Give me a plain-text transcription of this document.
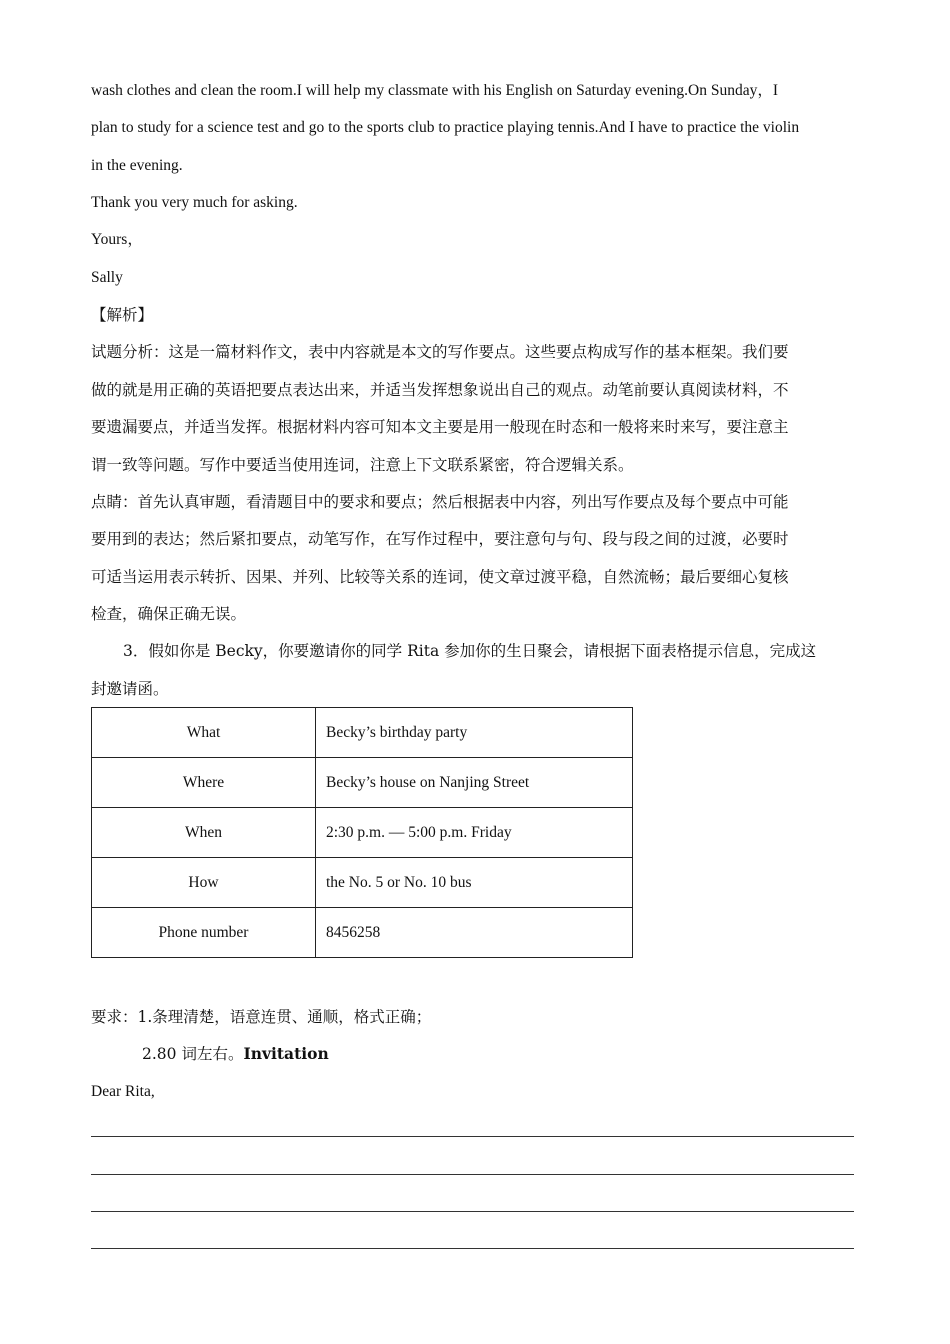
wash clothes and clean the room.I will help my classmate with his English on Saturday evening.On Sunday，I
plan to study for a science test and go to the sports club to practice playing tennis.And I have to practice the violin
in the evening.
Thank you very much for asking.
Yours，
Sally
【解析】
试题分析：这是一篇材料作文，表中内容就是本文的写作要点。这些要点构成写作的基本框架。我们要
做的就是用正确的英语把要点表达出来，并适当发挥想象说出自己的观点。动笔前要认真阅读材料，不
要遗漏要点，并适当发挥。根据材料内容可知本文主要是用一般现在时态和一般将来时来写，要注意主
谓一致等问题。写作中要适当使用连词，注意上下文联系紧密，符合逻辑关系。
点睛：首先认真审题，看清题目中的要求和要点；然后根据表中内容，列出写作要点及每个要点中可能
要用到的表达；然后紧扣要点，动笔写作，在写作过程中，要注意句与句、段与段之间的过渡，必要时
可适当运用表示转折、因果、并列、比较等关系的连词，使文章过渡平稳，自然流畅；最后要细心复核
检查，确保正确无误。
3．假如你是 Becky，你要邀请你的同学 Rita 参加你的生日聚会，请根据下面表格提示信息，完成这
封邀请函。
What	Becky’s birthday party
Where	Becky’s house on Nanjing Street
When	2:30 p.m. — 5:00 p.m. Friday
How	the No. 5 or No. 10 bus
Phone number	8456258
要求：1.条理清楚，语意连贯、通顺，格式正确；
2.80 词左右。Invitation
Dear Rita,
